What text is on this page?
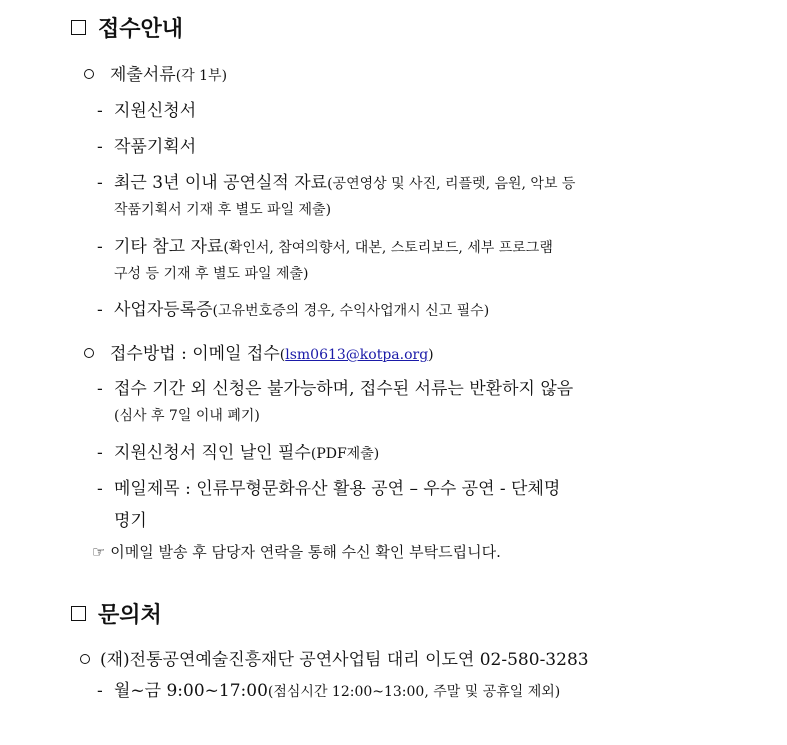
접수안내
제출서류 (각 1부)
- 지원신청서
- 작품기획서
- 최근 3년 이내 공연실적 자료(공연영상 및 사진, 리플렛, 음원, 악보 등
작품기획서 기재 후 별도 파일 제출)
- 기타 참고 자료(확인서, 참여의향서, 대본, 스토리보드, 세부 프로그램
구성 등 기재 후 별도 파일 제출)
- 사업자등록증(고유번호증의 경우, 수익사업개시 신고 필수)
접수방법 : 이메일 접수 ( lsm0613@kotpa.org )
- 접수 기간 외 신청은 불가능하며, 접수된 서류는 반환하지 않음
(심사 후 7일 이내 폐기)
- 지원신청서 직인 날인 필수(PDF제출)
- 메일제목 : 인류무형문화유산 활용 공연 – 우수 공연 - 단체명
명기
☞ 이메일 발송 후 담당자 연락을 통해 수신 확인 부탁드립니다.
문의처
(재)전통공연예술진흥재단 공연사업팀 대리 이도연 02-580-3283
- 월~금 9:00~17:00(점심시간 12:00~13:00, 주말 및 공휴일 제외)
